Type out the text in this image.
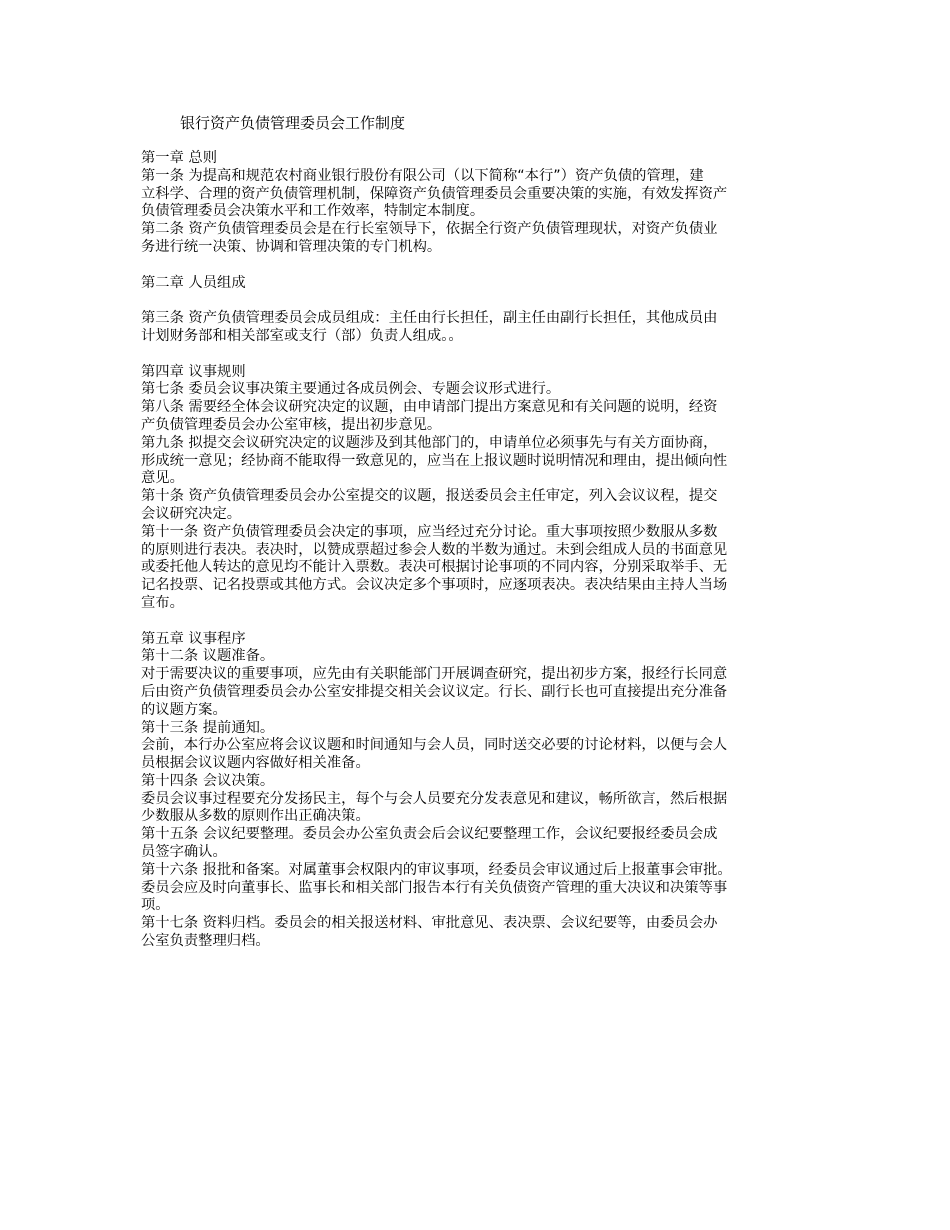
银行资产负债管理委员会工作制度
第一章 总则
第一条 为提高和规范农村商业银行股份有限公司（以下简称“本行”）资产负债的管理，建
立科学、合理的资产负债管理机制，保障资产负债管理委员会重要决策的实施，有效发挥资产
负债管理委员会决策水平和工作效率，特制定本制度。
第二条 资产负债管理委员会是在行长室领导下，依据全行资产负债管理现状，对资产负债业
务进行统一决策、协调和管理决策的专门机构。
第二章 人员组成
第三条 资产负债管理委员会成员组成：主任由行长担任，副主任由副行长担任，其他成员由
计划财务部和相关部室或支行（部）负责人组成。。
第四章 议事规则
第七条 委员会议事决策主要通过各成员例会、专题会议形式进行。
第八条 需要经全体会议研究决定的议题，由申请部门提出方案意见和有关问题的说明，经资
产负债管理委员会办公室审核，提出初步意见。
第九条 拟提交会议研究决定的议题涉及到其他部门的，申请单位必须事先与有关方面协商，
形成统一意见；经协商不能取得一致意见的，应当在上报议题时说明情况和理由，提出倾向性
意见。
第十条 资产负债管理委员会办公室提交的议题，报送委员会主任审定，列入会议议程，提交
会议研究决定。
第十一条 资产负债管理委员会决定的事项，应当经过充分讨论。重大事项按照少数服从多数
的原则进行表决。表决时，以赞成票超过参会人数的半数为通过。未到会组成人员的书面意见
或委托他人转达的意见均不能计入票数。表决可根据讨论事项的不同内容，分别采取举手、无
记名投票、记名投票或其他方式。会议决定多个事项时，应逐项表决。表决结果由主持人当场
宣布。
第五章 议事程序
第十二条 议题准备。
对于需要决议的重要事项，应先由有关职能部门开展调查研究，提出初步方案，报经行长同意
后由资产负债管理委员会办公室安排提交相关会议议定。行长、副行长也可直接提出充分准备
的议题方案。
第十三条 提前通知。
会前，本行办公室应将会议议题和时间通知与会人员，同时送交必要的讨论材料，以便与会人
员根据会议议题内容做好相关准备。
第十四条 会议决策。
委员会议事过程要充分发扬民主，每个与会人员要充分发表意见和建议，畅所欲言，然后根据
少数服从多数的原则作出正确决策。
第十五条 会议纪要整理。委员会办公室负责会后会议纪要整理工作，会议纪要报经委员会成
员签字确认。
第十六条 报批和备案。对属董事会权限内的审议事项，经委员会审议通过后上报董事会审批。
委员会应及时向董事长、监事长和相关部门报告本行有关负债资产管理的重大决议和决策等事
项。
第十七条 资料归档。委员会的相关报送材料、审批意见、表决票、会议纪要等，由委员会办
公室负责整理归档。
